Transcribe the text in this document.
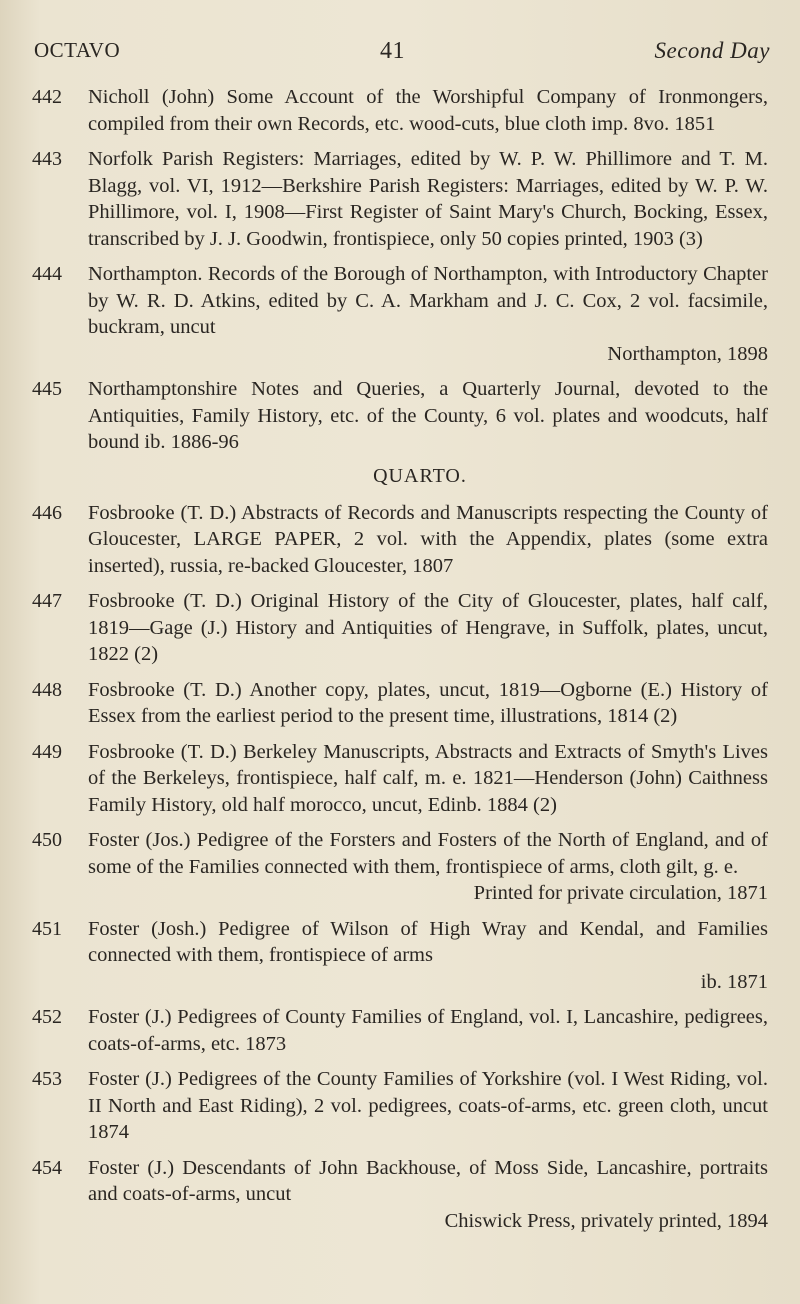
OCTAVO	41	Second Day
442	Nicholl (John) Some Account of the Worshipful Company of Ironmongers, compiled from their own Records, etc. wood-cuts, blue cloth imp. 8vo. 1851
443	Norfolk Parish Registers: Marriages, edited by W. P. W. Phillimore and T. M. Blagg, vol. VI, 1912—Berkshire Parish Registers: Marriages, edited by W. P. W. Phillimore, vol. I, 1908—First Register of Saint Mary's Church, Bocking, Essex, transcribed by J. J. Goodwin, frontispiece, only 50 copies printed, 1903 (3)
444	Northampton. Records of the Borough of Northampton, with Introductory Chapter by W. R. D. Atkins, edited by C. A. Markham and J. C. Cox, 2 vol. facsimile, buckram, uncut
Northampton, 1898
445	Northamptonshire Notes and Queries, a Quarterly Journal, devoted to the Antiquities, Family History, etc. of the County, 6 vol. plates and woodcuts, half bound ib. 1886-96
QUARTO.
446	Fosbrooke (T. D.) Abstracts of Records and Manuscripts respecting the County of Gloucester, LARGE PAPER, 2 vol. with the Appendix, plates (some extra inserted), russia, re-backed Gloucester, 1807
447	Fosbrooke (T. D.) Original History of the City of Gloucester, plates, half calf, 1819—Gage (J.) History and Antiquities of Hengrave, in Suffolk, plates, uncut, 1822 (2)
448	Fosbrooke (T. D.) Another copy, plates, uncut, 1819—Ogborne (E.) History of Essex from the earliest period to the present time, illustrations, 1814 (2)
449	Fosbrooke (T. D.) Berkeley Manuscripts, Abstracts and Extracts of Smyth's Lives of the Berkeleys, frontispiece, half calf, m. e. 1821—Henderson (John) Caithness Family History, old half morocco, uncut, Edinb. 1884 (2)
450	Foster (Jos.) Pedigree of the Forsters and Fosters of the North of England, and of some of the Families connected with them, frontispiece of arms, cloth gilt, g. e.
Printed for private circulation, 1871
451	Foster (Josh.) Pedigree of Wilson of High Wray and Kendal, and Families connected with them, frontispiece of arms
ib. 1871
452	Foster (J.) Pedigrees of County Families of England, vol. I, Lancashire, pedigrees, coats-of-arms, etc. 1873
453	Foster (J.) Pedigrees of the County Families of Yorkshire (vol. I West Riding, vol. II North and East Riding), 2 vol. pedigrees, coats-of-arms, etc. green cloth, uncut 1874
454	Foster (J.) Descendants of John Backhouse, of Moss Side, Lancashire, portraits and coats-of-arms, uncut
Chiswick Press, privately printed, 1894
